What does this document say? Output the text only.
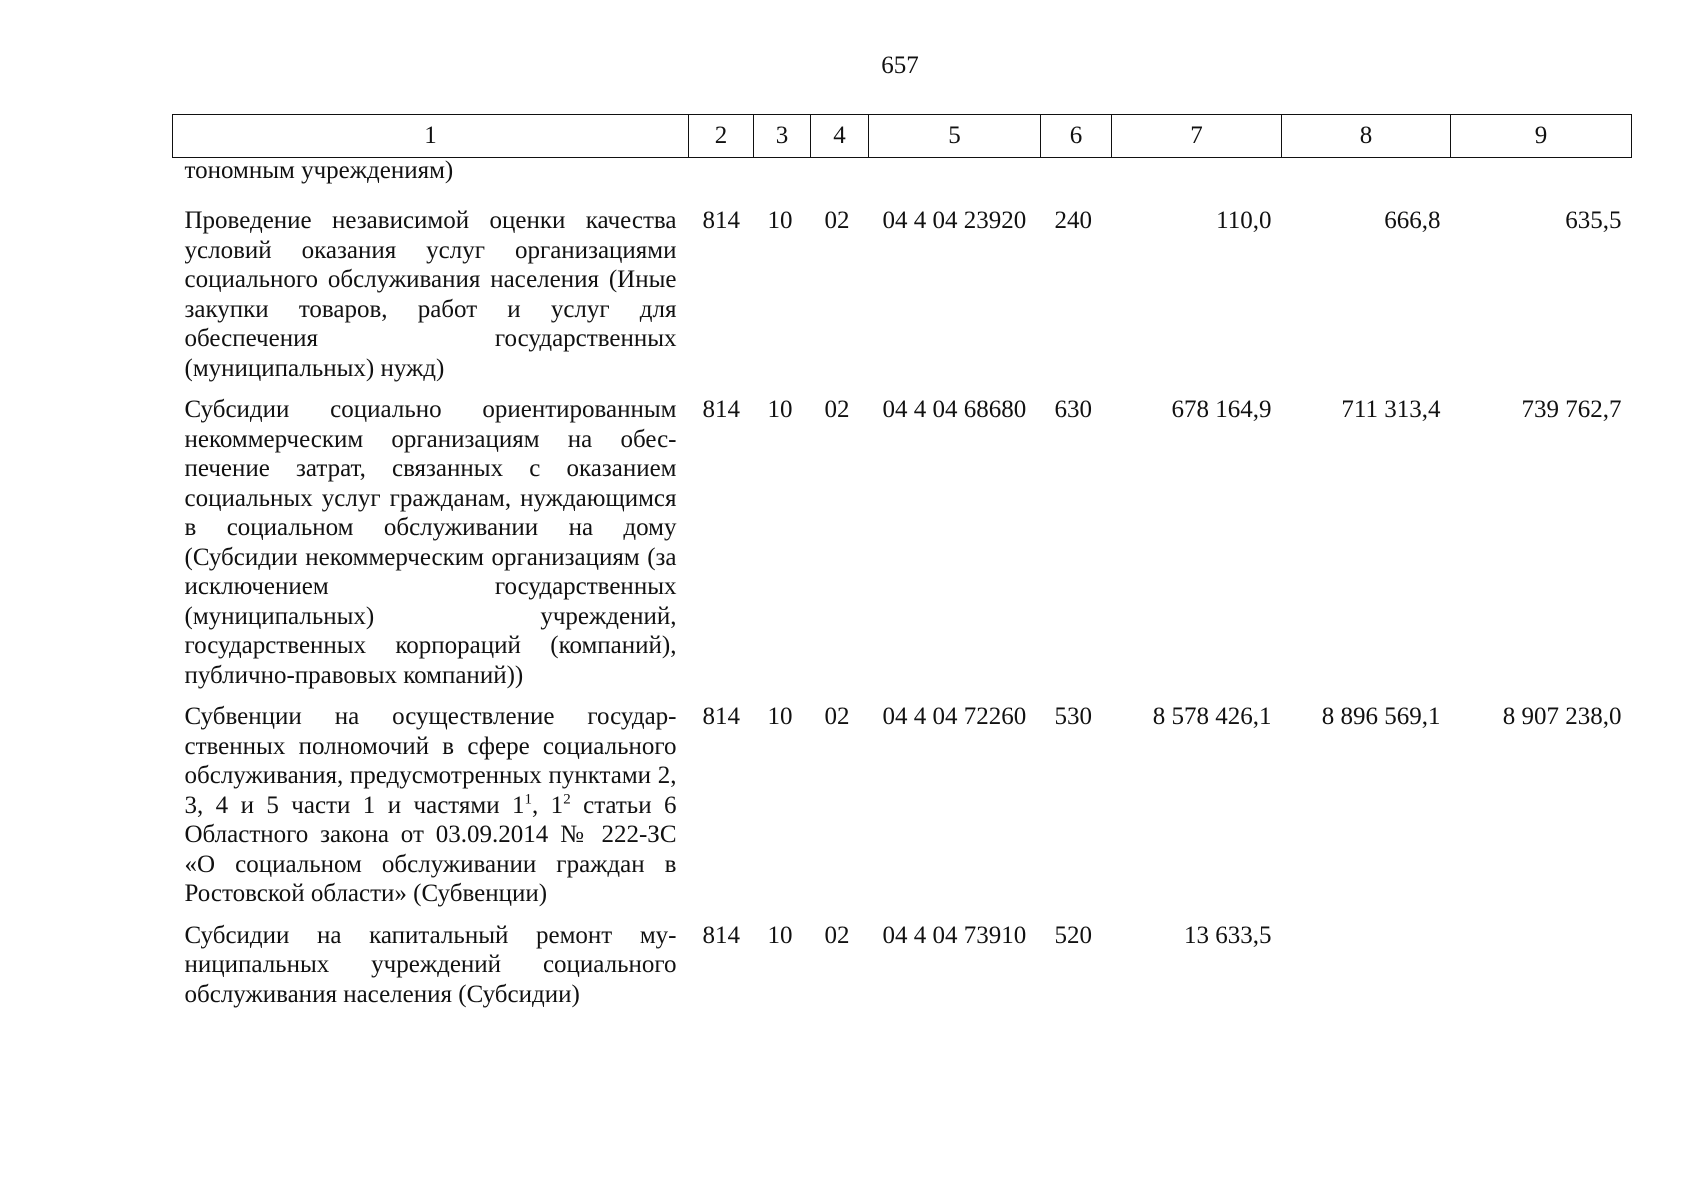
657
1	2	3	4	5	6	7	8	9
тономным учреждениям)								
Проведение независимой оценки качества условий оказания услуг организациями социального обслуживания населения (Иные закупки товаров, работ и услуг для обеспечения государственных (муниципальных) нужд)	814	10	02	04 4 04 23920	240	110,0	666,8	635,5
Субсидии социально ориентированным некоммерческим организациям на обеспечение затрат, связанных с оказанием социальных услуг гражданам, нуждающимся в социальном обслуживании на дому (Субсидии некоммерческим организациям (за исключением государственных (муниципальных) учреждений, государственных корпораций (компаний), публично-правовых компаний))	814	10	02	04 4 04 68680	630	678 164,9	711 313,4	739 762,7
Субвенции на осуществление государственных полномочий в сфере социального обслуживания, предусмотренных пунктами 2, 3, 4 и 5 части 1 и частями $1^1$, $1^2$ статьи 6 Областного закона от 03.09.2014 № 222-ЗС «О социальном обслуживании граждан в Ростовской области» (Субвенции)	814	10	02	04 4 04 72260	530	8 578 426,1	8 896 569,1	8 907 238,0
Субсидии на капитальный ремонт муниципальных учреждений социального обслуживания населения (Субсидии)	814	10	02	04 4 04 73910	520	13 633,5		
